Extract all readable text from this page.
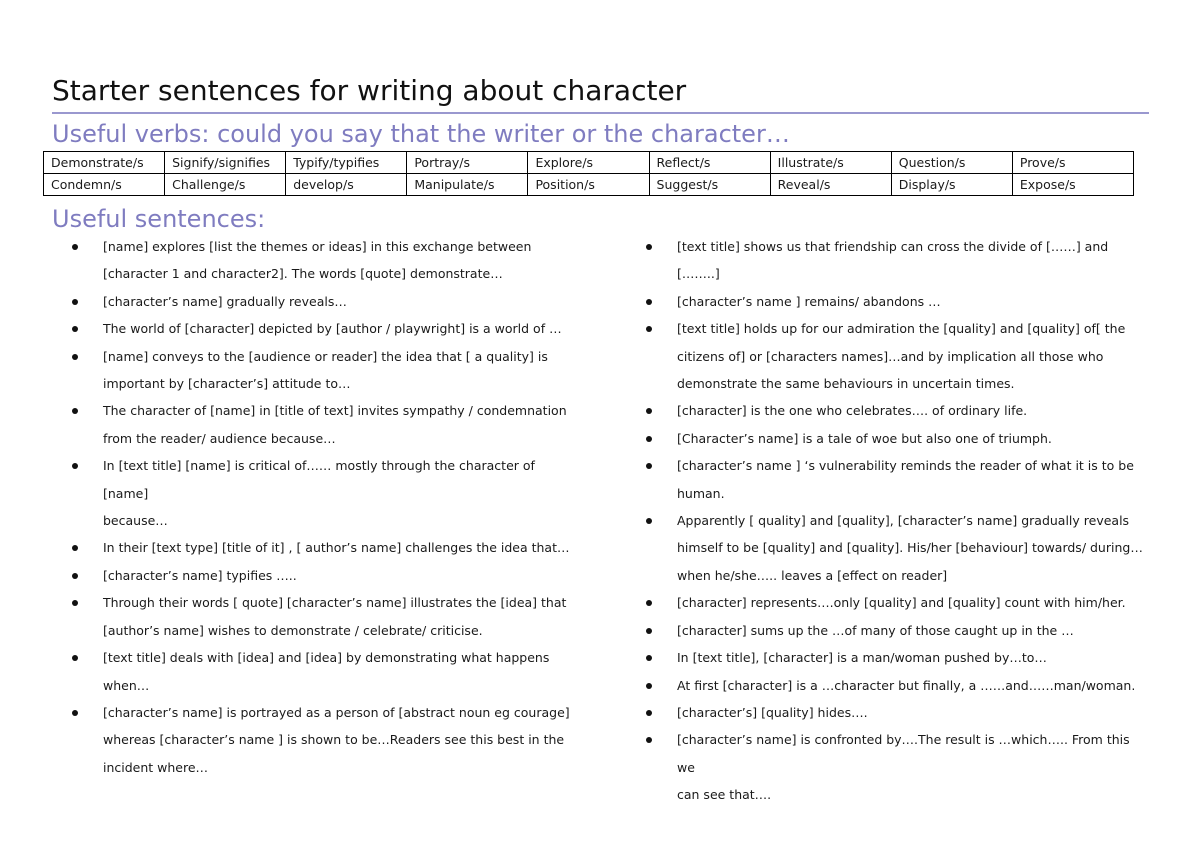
Starter sentences for writing about character
Useful verbs: could you say that the writer or the character…
Demonstrate/s	Signify/signifies	Typify/typifies	Portray/s	Explore/s	Reflect/s	Illustrate/s	Question/s	Prove/s
Condemn/s	Challenge/s	develop/s	Manipulate/s	Position/s	Suggest/s	Reveal/s	Display/s	Expose/s
Useful sentences:
[name] explores [list the themes or ideas] in this exchange between
[character 1 and character2]. The words [quote] demonstrate…
[character’s name] gradually reveals…
The world of [character] depicted by [author / playwright] is a world of …
[name] conveys to the [audience or reader] the idea that [ a quality] is
important by [character’s] attitude to…
The character of [name] in [title of text] invites sympathy / condemnation
from the reader/ audience because…
In [text title] [name] is critical of…… mostly through the character of [name]
because…
In their [text type] [title of it] , [ author’s name] challenges the idea that…
[character’s name] typifies …..
Through their words [ quote] [character’s name] illustrates the [idea] that
[author’s name] wishes to demonstrate / celebrate/ criticise.
[text title] deals with [idea] and [idea] by demonstrating what happens
when…
[character’s name] is portrayed as a person of [abstract noun eg courage]
whereas [character’s name ] is shown to be…Readers see this best in the
incident where…
[text title] shows us that friendship can cross the divide of [……] and [……..]
[character’s name ] remains/ abandons …
[text title] holds up for our admiration the [quality] and [quality] of[ the
citizens of] or [characters names]…and by implication all those who
demonstrate the same behaviours in uncertain times.
[character] is the one who celebrates…. of ordinary life.
[Character’s name] is a tale of woe but also one of triumph.
[character’s name ] ‘s vulnerability reminds the reader of what it is to be
human.
Apparently [ quality] and [quality], [character’s name] gradually reveals
himself to be [quality] and [quality]. His/her [behaviour] towards/ during…
when he/she….. leaves a [effect on reader]
[character] represents….only [quality] and [quality] count with him/her.
[character] sums up the …of many of those caught up in the …
In [text title], [character] is a man/woman pushed by…to…
At first [character] is a …character but finally, a ……and……man/woman.
[character’s] [quality] hides….
[character’s name] is confronted by….The result is …which….. From this we
can see that….
